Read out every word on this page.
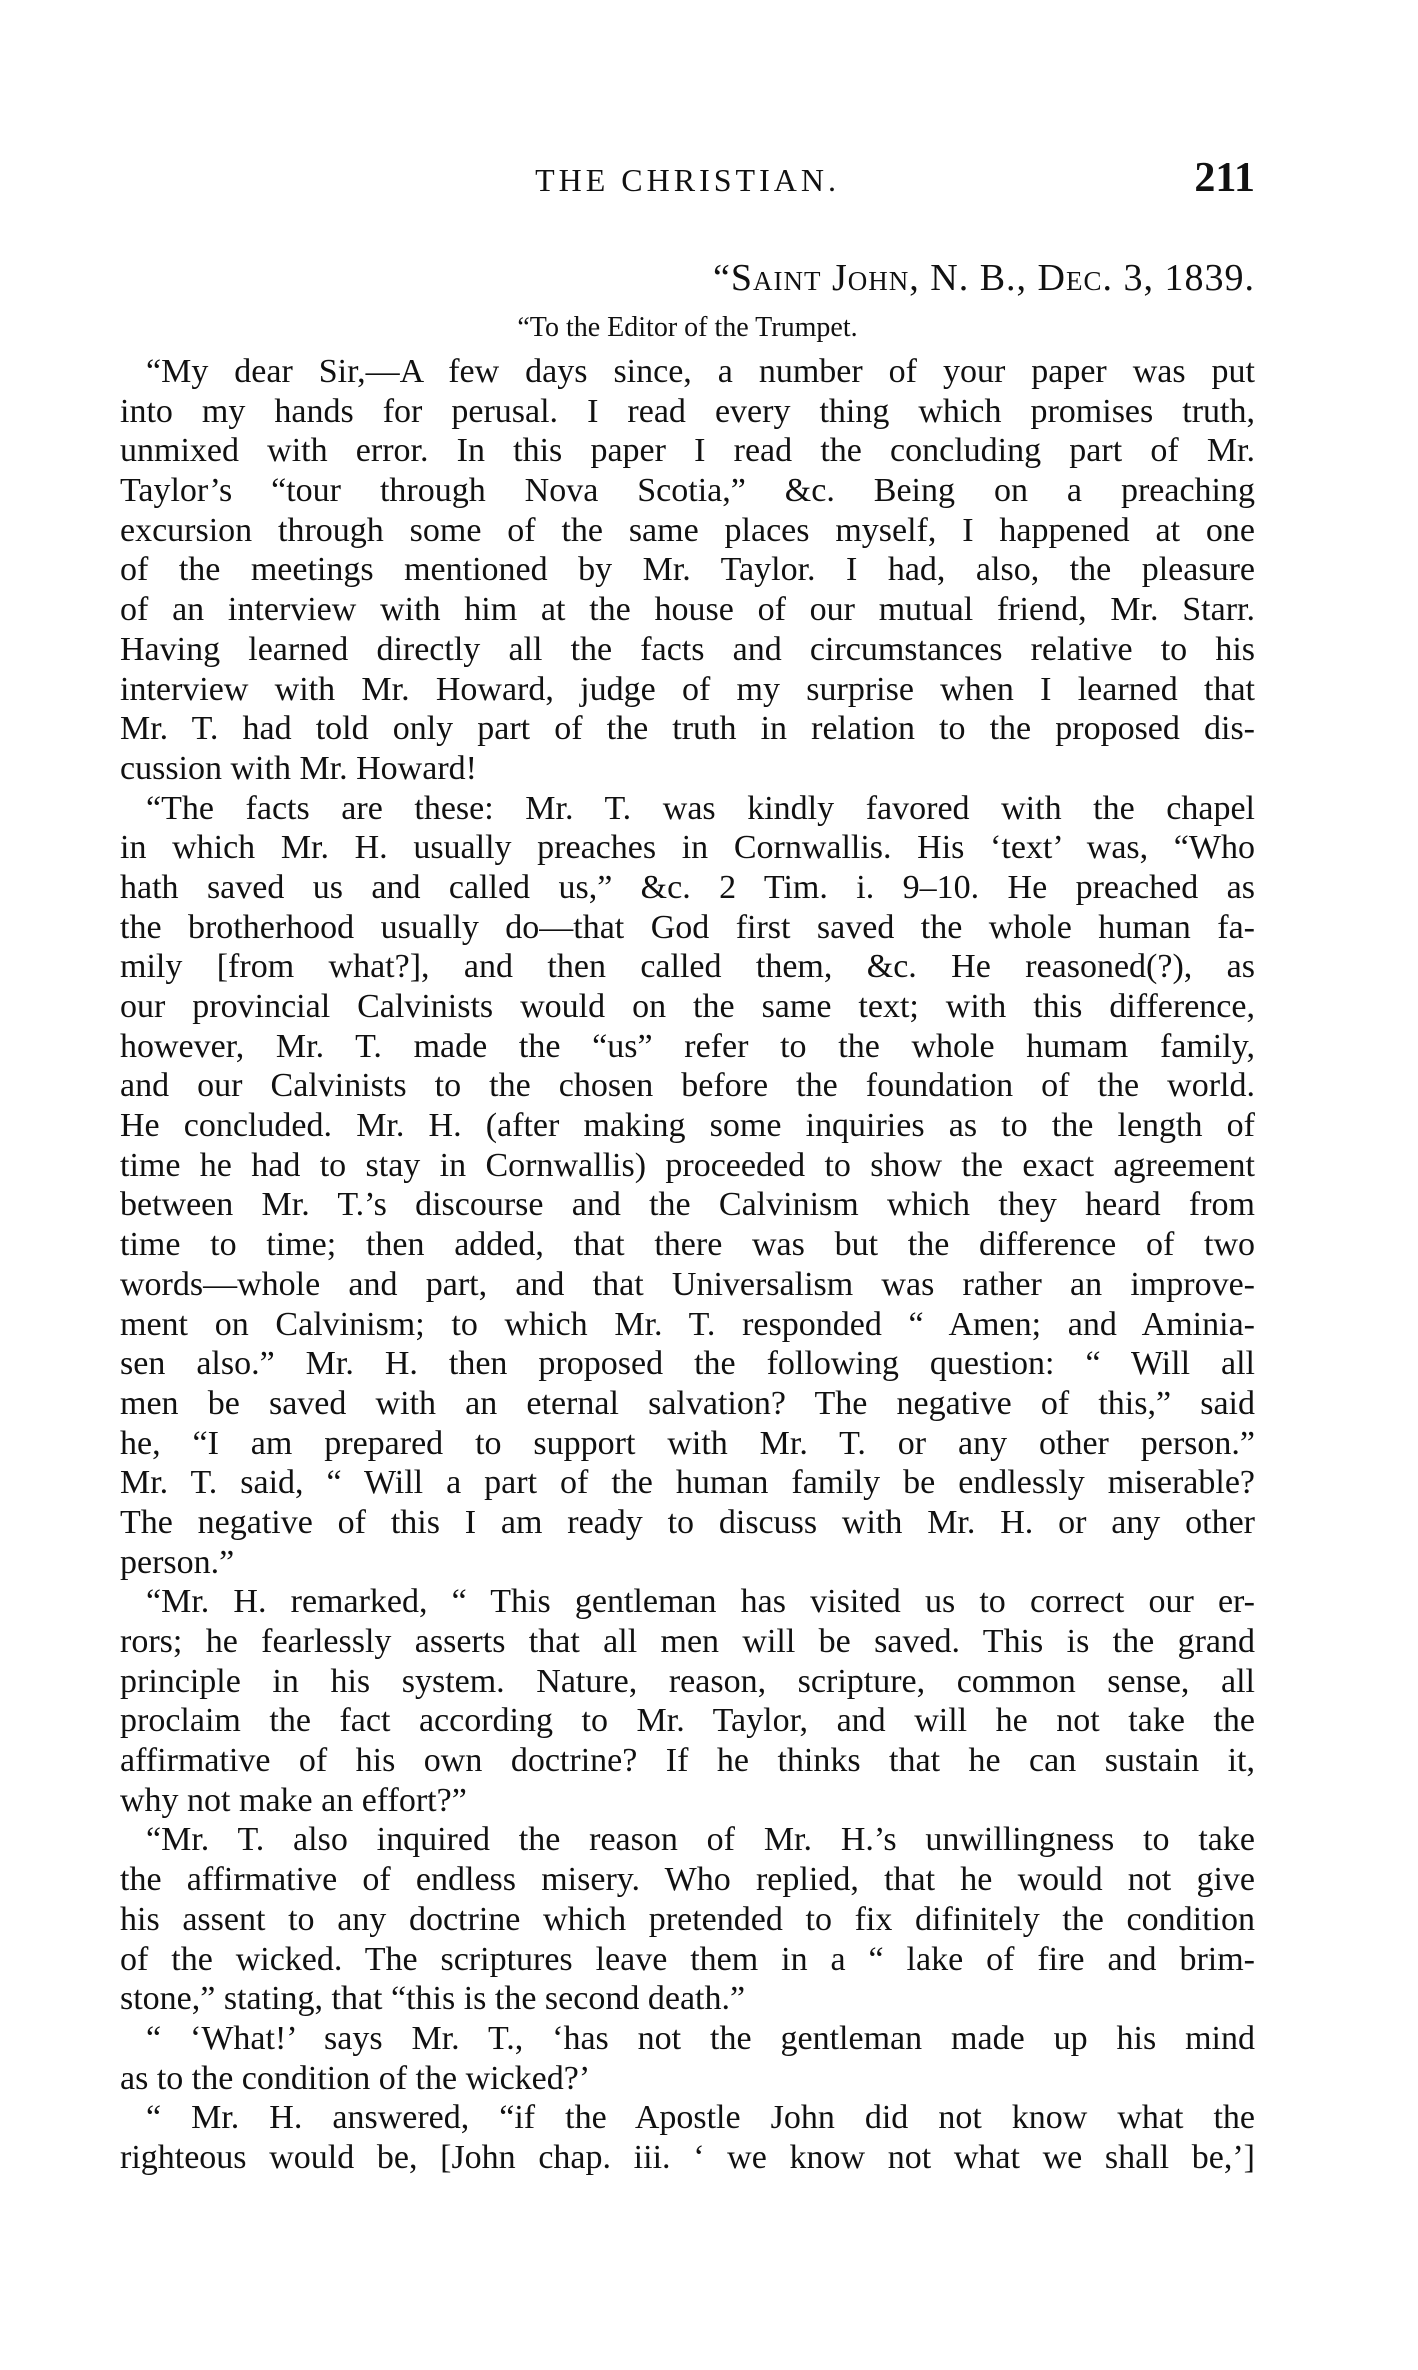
THE CHRISTIAN.	211
“Saint John, N. B., Dec. 3, 1839.
“To the Editor of the Trumpet.
“My dear Sir,—A few days since, a number of your paper was put
into my hands for perusal. I read every thing which promises truth,
unmixed with error. In this paper I read the concluding part of Mr.
Taylor’s “tour through Nova Scotia,” &c. Being on a preaching
excursion through some of the same places myself, I happened at one
of the meetings mentioned by Mr. Taylor. I had, also, the pleasure
of an interview with him at the house of our mutual friend, Mr. Starr.
Having learned directly all the facts and circumstances relative to his
interview with Mr. Howard, judge of my surprise when I learned that
Mr. T. had told only part of the truth in relation to the proposed dis-
cussion with Mr. Howard!
“The facts are these: Mr. T. was kindly favored with the chapel
in which Mr. H. usually preaches in Cornwallis. His ‘text’ was, “Who
hath saved us and called us,” &c. 2 Tim. i. 9–10. He preached as
the brotherhood usually do—that God first saved the whole human fa-
mily [from what?], and then called them, &c. He reasoned(?), as
our provincial Calvinists would on the same text; with this difference,
however, Mr. T. made the “us” refer to the whole humam family,
and our Calvinists to the chosen before the foundation of the world.
He concluded. Mr. H. (after making some inquiries as to the length of
time he had to stay in Cornwallis) proceeded to show the exact agreement
between Mr. T.’s discourse and the Calvinism which they heard from
time to time; then added, that there was but the difference of two
words—whole and part, and that Universalism was rather an improve-
ment on Calvinism; to which Mr. T. responded “ Amen; and Aminia-
sen also.” Mr. H. then proposed the following question: “ Will all
men be saved with an eternal salvation? The negative of this,” said
he, “I am prepared to support with Mr. T. or any other person.”
Mr. T. said, “ Will a part of the human family be endlessly miserable?
The negative of this I am ready to discuss with Mr. H. or any other
person.”
“Mr. H. remarked, “ This gentleman has visited us to correct our er-
rors; he fearlessly asserts that all men will be saved. This is the grand
principle in his system. Nature, reason, scripture, common sense, all
proclaim the fact according to Mr. Taylor, and will he not take the
affirmative of his own doctrine? If he thinks that he can sustain it,
why not make an effort?”
“Mr. T. also inquired the reason of Mr. H.’s unwillingness to take
the affirmative of endless misery. Who replied, that he would not give
his assent to any doctrine which pretended to fix difinitely the condition
of the wicked. The scriptures leave them in a “ lake of fire and brim-
stone,” stating, that “this is the second death.”
“ ‘What!’ says Mr. T., ‘has not the gentleman made up his mind
as to the condition of the wicked?’
“ Mr. H. answered, “if the Apostle John did not know what the
righteous would be, [John chap. iii. ‘ we know not what we shall be,’]
